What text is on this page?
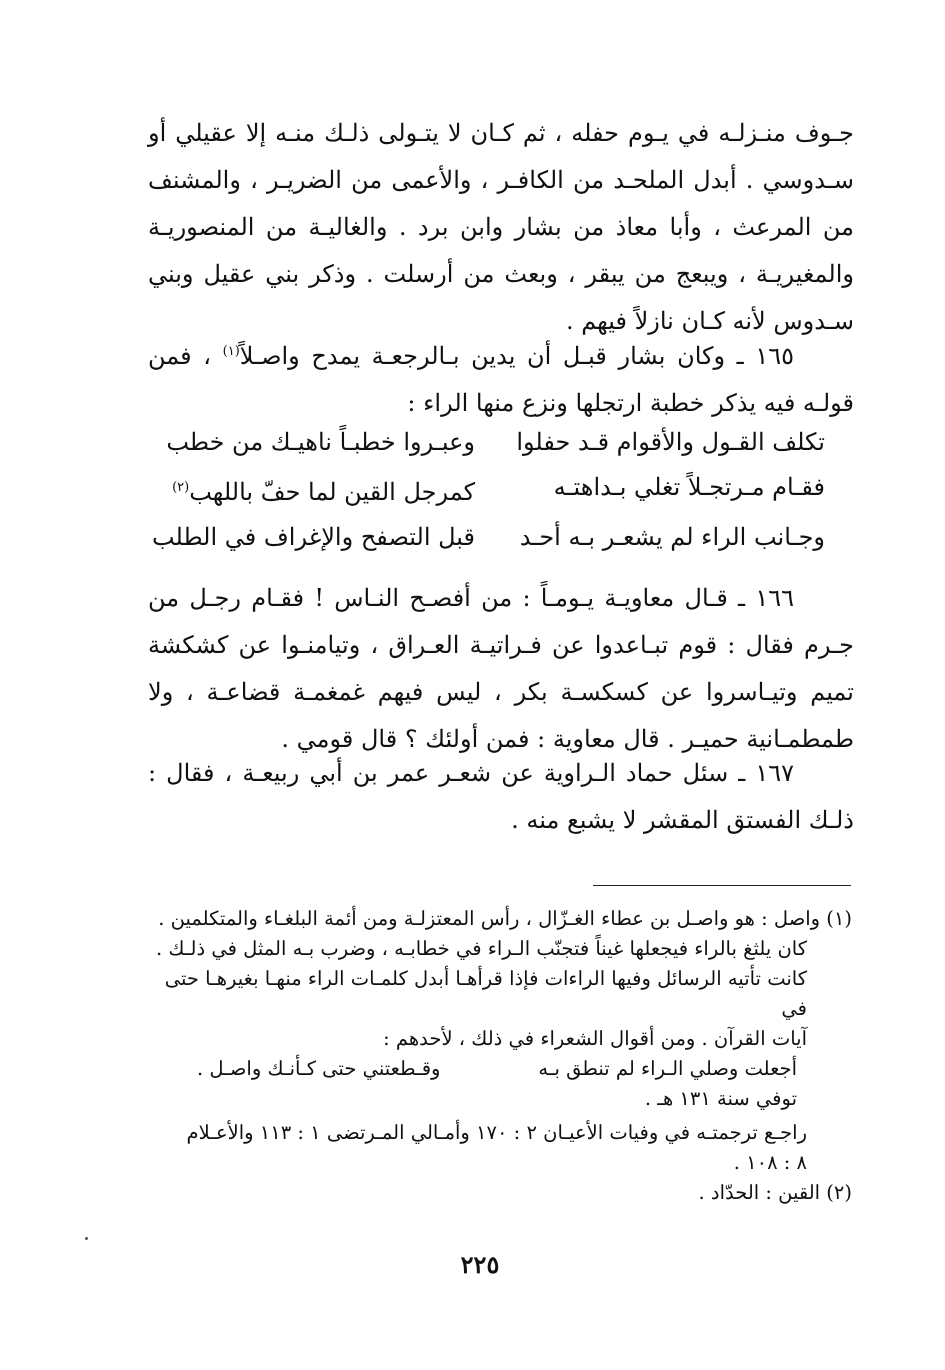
جـوف منـزلـه في يـوم حفله ، ثم كـان لا يتـولى ذلـك منـه إلا عقيلي أو سـدوسي . أبدل الملحـد من الكافـر ، والأعمى من الضريـر ، والمشنف من المرعث ، وأبا معاذ من بشار وابن برد . والغاليـة من المنصوريـة والمغيريـة ، ويبعج من يبقر ، وبعث من أرسلت . وذكر بني عقيل وبني سـدوس لأنه كـان نازلاً فيهم .

١٦٥ ـ وكان بشار قبـل أن يدين بـالرجعـة يمدح واصـلاً$^{(١)}$ ، فمن قولـه فيه يذكر خطبة ارتجلها ونزع منها الراء :

تكلف القـول والأقوام قـد حفلوا
وعبـروا خطبـاً ناهيـك من خطب
فقـام مـرتجـلاً تغلي بـداهتـه
كمرجل القين لما حفّ باللهب$^{(٢)}$
وجـانب الراء لم يشعـر بـه أحـد
قبل التصفح والإغراف في الطلب

١٦٦ ـ قـال معاويـة يـومـاً : من أفصـح النـاس ! فقـام رجـل من جـرم فقال : قوم تبـاعدوا عن فـراتيـة العـراق ، وتيامنـوا عن كشكشة تميم وتيـاسروا عن كسكسـة بكر ، ليس فيهم غمغمـة قضاعـة ، ولا طمطمـانية حميـر . قال معاوية : فمن أولئك ؟ قال قومي .

١٦٧ ـ سئل حماد الـراوية عن شعـر عمر بن أبي ربيعـة ، فقال : ذلـك الفستق المقشر لا يشبع منه .

(١) واصل : هو واصـل بن عطاء الغـزّال ، رأس المعتزلـة ومن أئمة البلغـاء والمتكلمين .

كان يلثغ بالراء فيجعلها غيناً فتجنّب الـراء في خطابـه ، وضرب بـه المثل في ذلـك .

كانت تأتيه الرسائل وفيها الراءات فإذا قرأهـا أبدل كلمـات الراء منهـا بغيرهـا حتى في

آيات القرآن . ومن أقوال الشعراء في ذلك ، لأحدهم :

أجعلت وصلي الـراء لم تنطق بـه
وقـطعتني حتى كـأنـك واصـل .

توفي سنة ١٣١ هـ .

راجـع ترجمتـه في وفيات الأعيـان ٢ : ١٧٠ وأمـالي المـرتضى ١ : ١١٣ والأعـلام

٨ : ١٠٨ .

(٢) القين : الحدّاد .

٢٢٥
